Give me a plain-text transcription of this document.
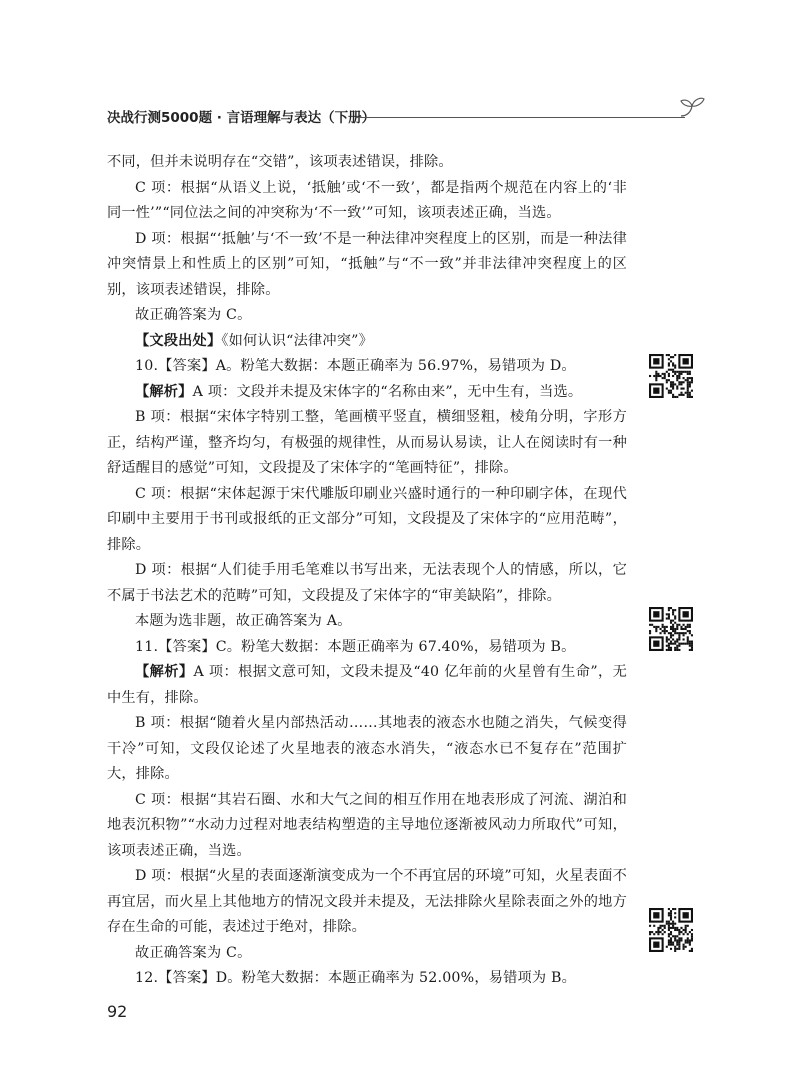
决战行测5000题 · 言语理解与表达（下册）

不同，但并未说明存在“交错”，该项表述错误，排除。

C 项：根据“从语义上说，‘抵触’或‘不一致’，都是指两个规范在内容上的‘非同一性’”“同位法之间的冲突称为‘不一致’”可知，该项表述正确，当选。

D 项：根据“‘抵触’与‘不一致’不是一种法律冲突程度上的区别，而是一种法律冲突情景上和性质上的区别”可知，“抵触”与“不一致”并非法律冲突程度上的区别，该项表述错误，排除。

故正确答案为 C。

【文段出处】《如何认识“法律冲突”》

10.【答案】A。粉笔大数据：本题正确率为 56.97%，易错项为 D。

【解析】A 项：文段并未提及宋体字的“名称由来”，无中生有，当选。

B 项：根据“宋体字特别工整，笔画横平竖直，横细竖粗，棱角分明，字形方正，结构严谨，整齐均匀，有极强的规律性，从而易认易读，让人在阅读时有一种舒适醒目的感觉”可知，文段提及了宋体字的“笔画特征”，排除。

C 项：根据“宋体起源于宋代雕版印刷业兴盛时通行的一种印刷字体，在现代印刷中主要用于书刊或报纸的正文部分”可知，文段提及了宋体字的“应用范畴”，排除。

D 项：根据“人们徒手用毛笔难以书写出来，无法表现个人的情感，所以，它不属于书法艺术的范畴”可知，文段提及了宋体字的“审美缺陷”，排除。

本题为选非题，故正确答案为 A。

11.【答案】C。粉笔大数据：本题正确率为 67.40%，易错项为 B。

【解析】A 项：根据文意可知，文段未提及“40 亿年前的火星曾有生命”，无中生有，排除。

B 项：根据“随着火星内部热活动……其地表的液态水也随之消失，气候变得干冷”可知，文段仅论述了火星地表的液态水消失，“液态水已不复存在”范围扩大，排除。

C 项：根据“其岩石圈、水和大气之间的相互作用在地表形成了河流、湖泊和地表沉积物”“水动力过程对地表结构塑造的主导地位逐渐被风动力所取代”可知，该项表述正确，当选。

D 项：根据“火星的表面逐渐演变成为一个不再宜居的环境”可知，火星表面不再宜居，而火星上其他地方的情况文段并未提及，无法排除火星除表面之外的地方存在生命的可能，表述过于绝对，排除。

故正确答案为 C。

12.【答案】D。粉笔大数据：本题正确率为 52.00%，易错项为 B。

92
